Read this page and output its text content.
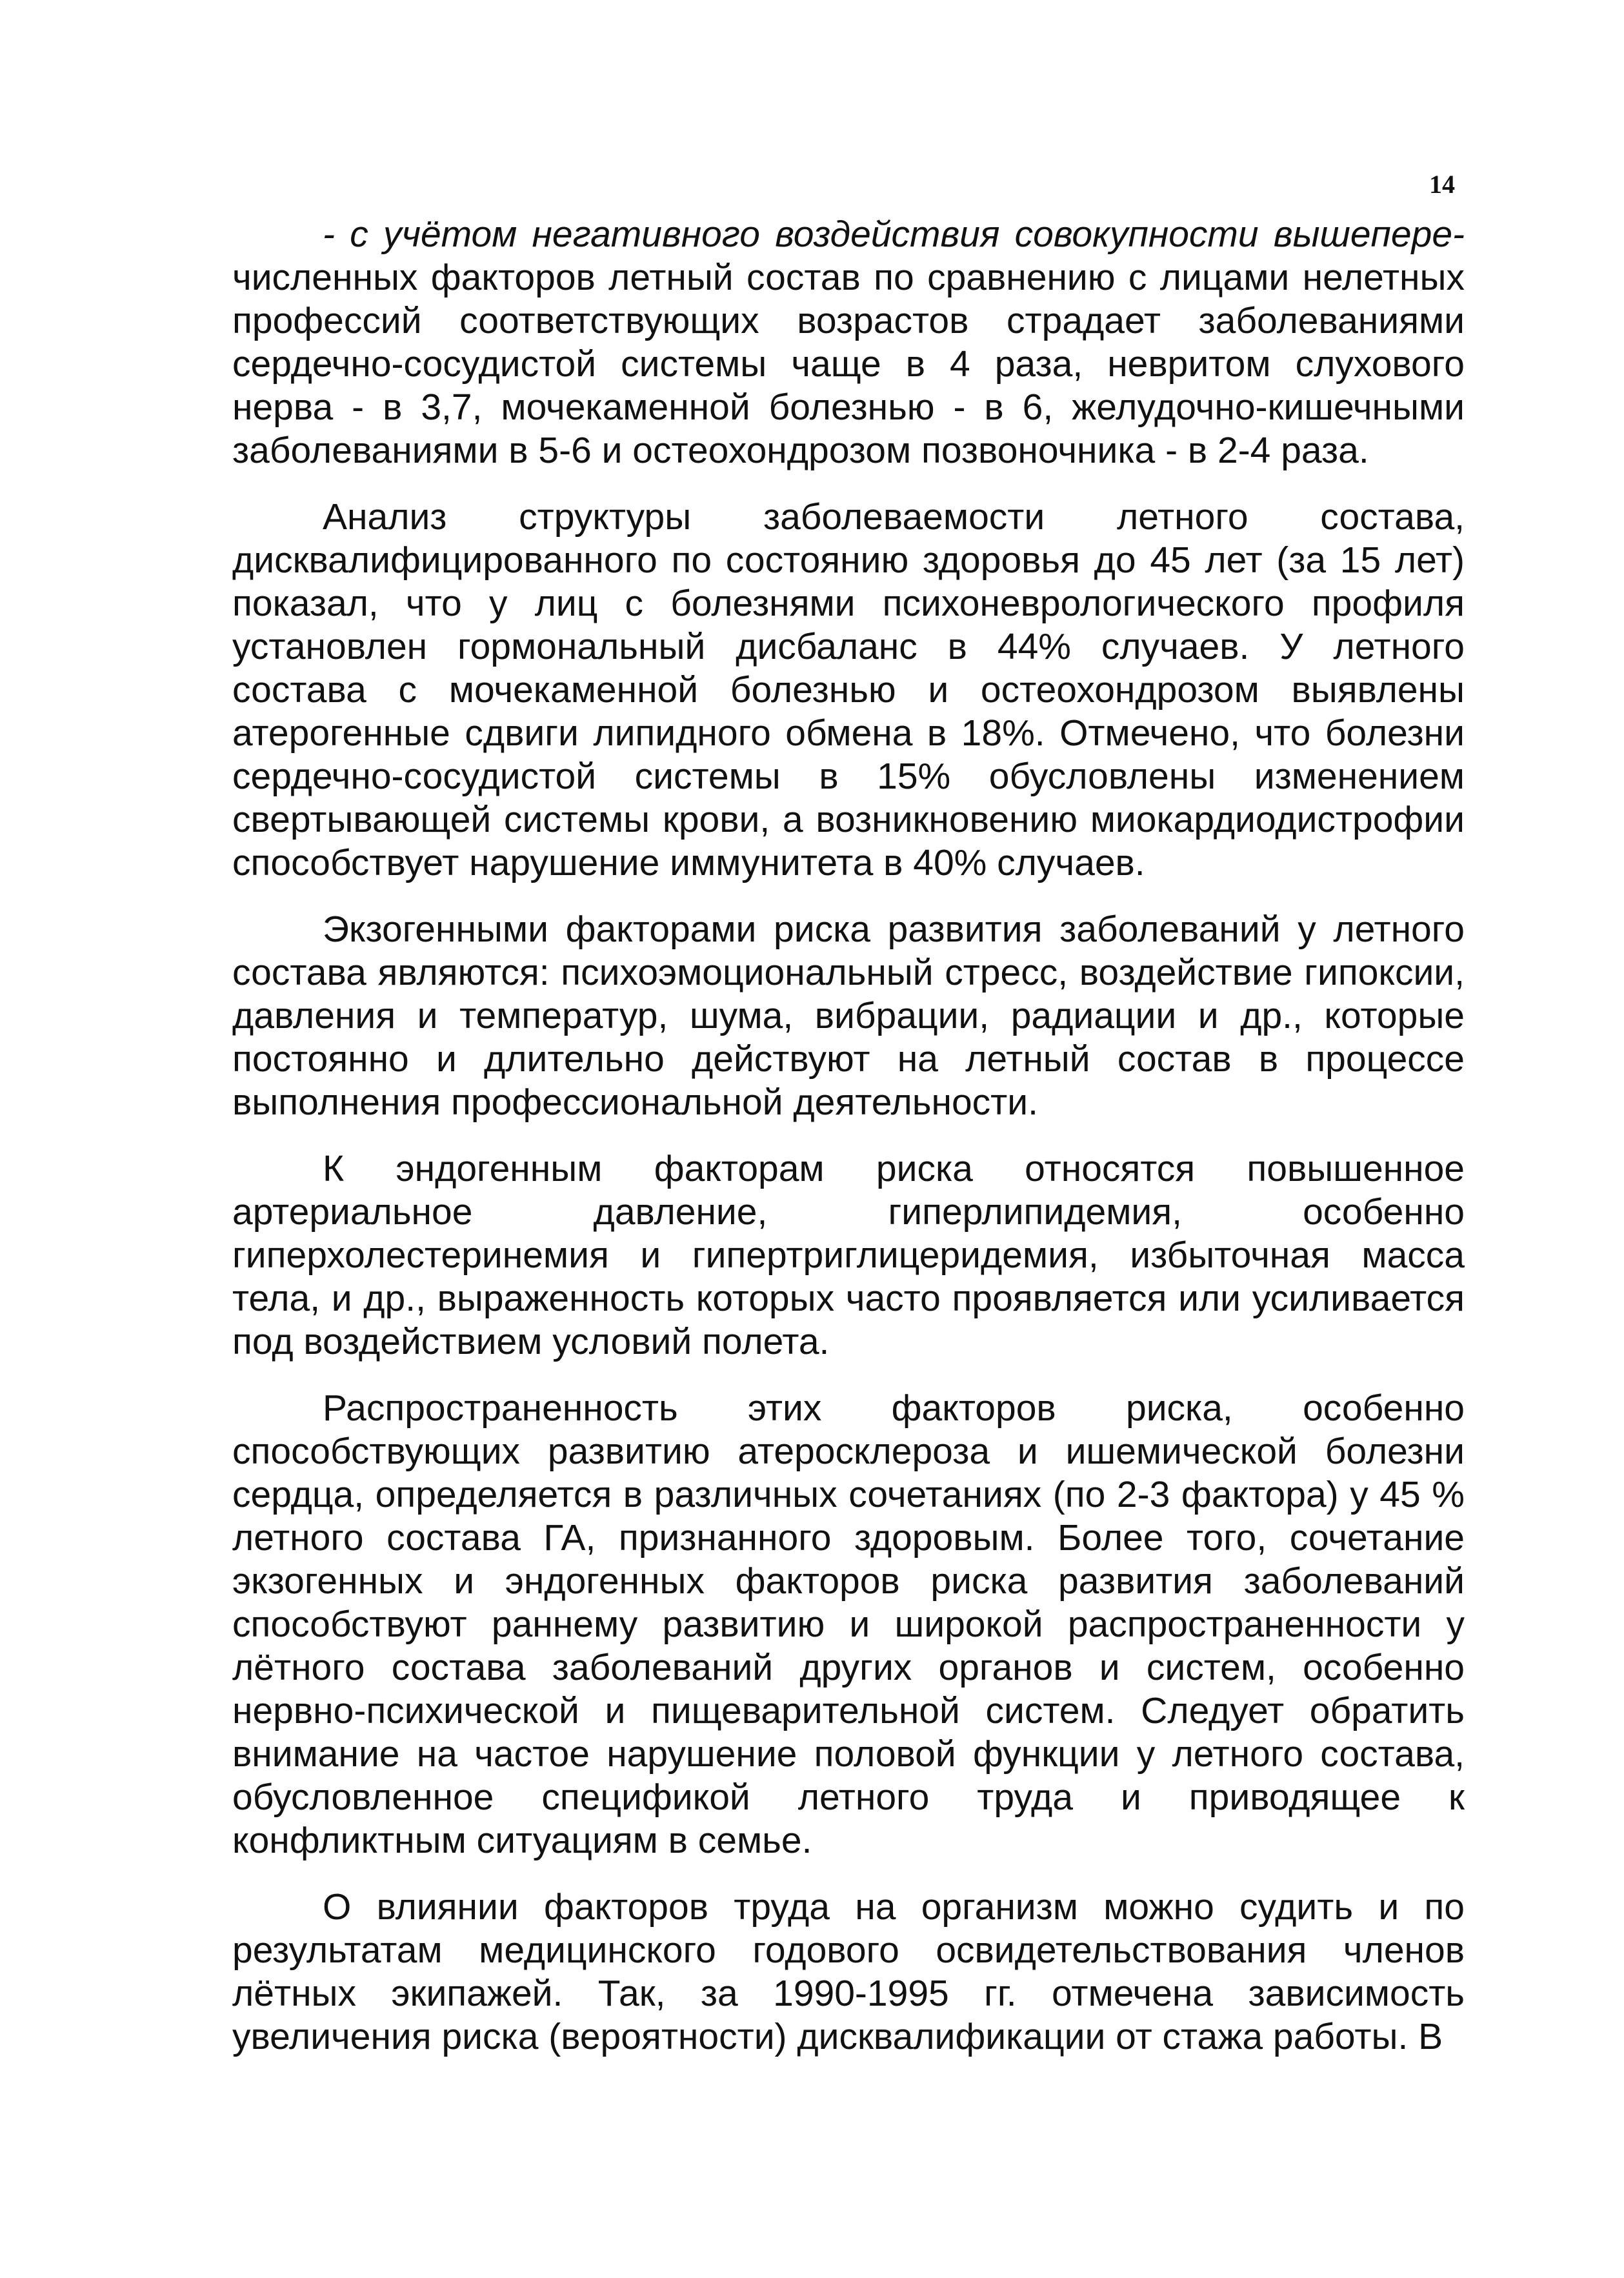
14

- с учётом негативного воздействия совокупности вышепере- численных факторов летный состав по сравнению с лицами нелетных профессий соответствующих возрастов страдает заболеваниями сердечно-сосудистой системы чаще в 4 раза, невритом слухового нерва - в 3,7, мочекаменной болезнью - в 6, желудочно-кишечными заболеваниями в 5-6 и остеохондрозом позвоночника - в 2-4 раза.

Анализ структуры заболеваемости летного состава, дисквалифицированного по состоянию здоровья до 45 лет (за 15 лет) показал, что у лиц с болезнями психоневрологического профиля установлен гормональный дисбаланс в 44% случаев. У летного состава с мочекаменной болезнью и остеохондрозом выявлены атерогенные сдвиги липидного обмена в 18%. Отмечено, что болезни сердечно-сосудистой системы в 15% обусловлены изменением свертывающей системы крови, а возникновению миокардиодистрофии способствует нарушение иммунитета в 40% случаев.

Экзогенными факторами риска развития заболеваний у летного состава являются: психоэмоциональный стресс, воздействие гипоксии, давления и температур, шума, вибрации, радиации и др., которые постоянно и длительно действуют на летный состав в процессе выполнения профессиональной деятельности.

К эндогенным факторам риска относятся повышенное артериальное давление, гиперлипидемия, особенно гиперхолестеринемия и гипертриглицеридемия, избыточная масса тела, и др., выраженность которых часто проявляется или усиливается под воздействием условий полета.

Распространенность этих факторов риска, особенно способствующих развитию атеросклероза и ишемической болезни сердца, определяется в различных сочетаниях (по 2-3 фактора) у 45 % летного состава ГА, признанного здоровым. Более того, сочетание экзогенных и эндогенных факторов риска развития заболеваний способствуют раннему развитию и широкой распространенности у лётного состава заболеваний других органов и систем, особенно нервно-психической и пищеварительной систем. Следует обратить внимание на частое нарушение половой функции у летного состава, обусловленное спецификой летного труда и приводящее к конфликтным ситуациям в семье.

О влиянии факторов труда на организм можно судить и по результатам медицинского годового освидетельствования членов лётных экипажей. Так, за 1990-1995 гг. отмечена зависимость увеличения риска (вероятности) дисквалификации от стажа работы. В
